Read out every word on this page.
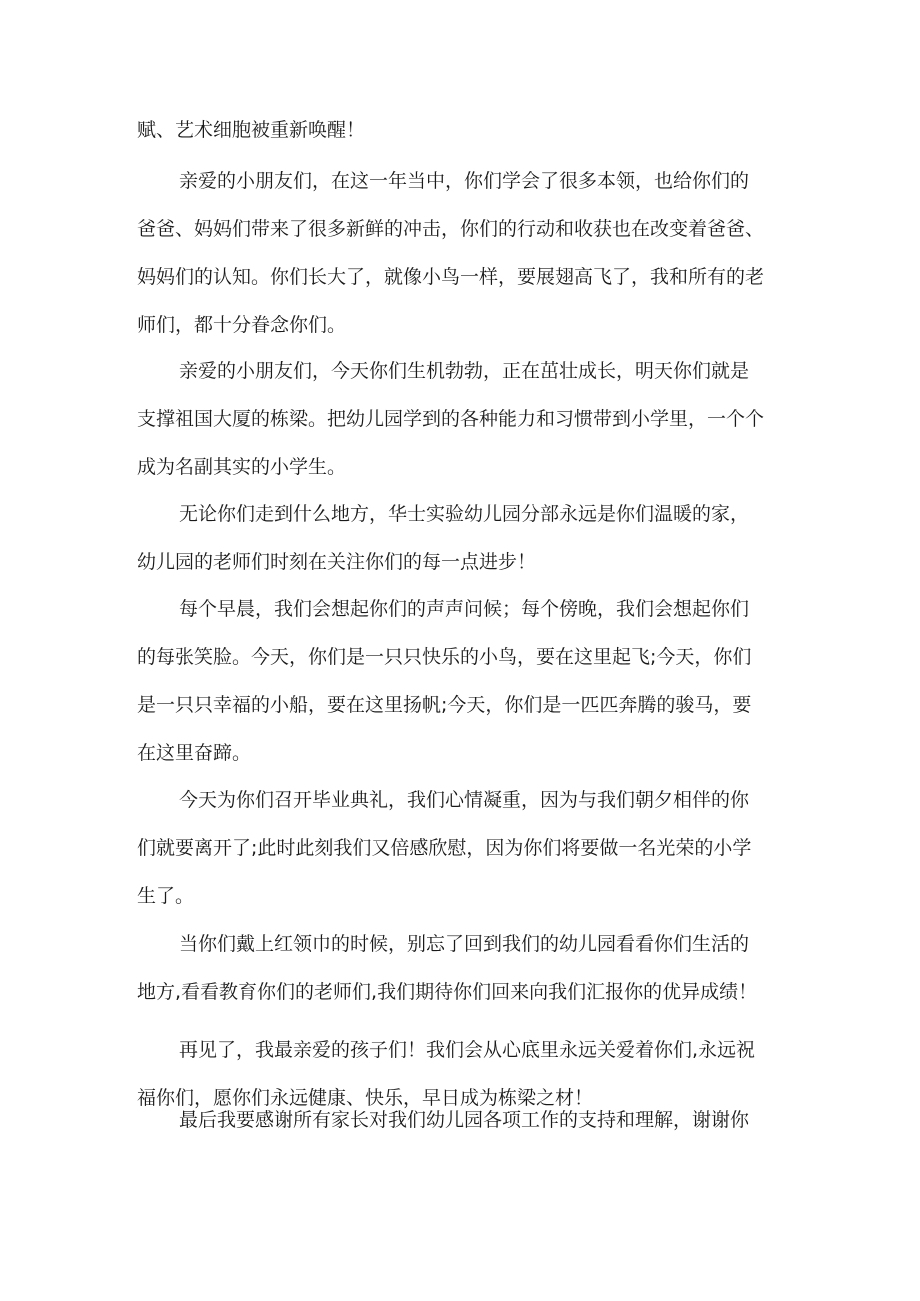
赋、艺术细胞被重新唤醒！
亲爱的小朋友们，在这一年当中，你们学会了很多本领，也给你们的
爸爸、妈妈们带来了很多新鲜的冲击，你们的行动和收获也在改变着爸爸、
妈妈们的认知。你们长大了，就像小鸟一样，要展翅高飞了，我和所有的老
师们，都十分眷念你们。
亲爱的小朋友们，今天你们生机勃勃，正在茁壮成长，明天你们就是
支撑祖国大厦的栋梁。把幼儿园学到的各种能力和习惯带到小学里，一个个
成为名副其实的小学生。
无论你们走到什么地方，华士实验幼儿园分部永远是你们温暖的家，
幼儿园的老师们时刻在关注你们的每一点进步！
每个早晨，我们会想起你们的声声问候；每个傍晚，我们会想起你们
的每张笑脸。今天，你们是一只只快乐的小鸟，要在这里起飞;今天，你们
是一只只幸福的小船，要在这里扬帆;今天，你们是一匹匹奔腾的骏马，要
在这里奋蹄。
今天为你们召开毕业典礼，我们心情凝重，因为与我们朝夕相伴的你
们就要离开了;此时此刻我们又倍感欣慰，因为你们将要做一名光荣的小学
生了。
当你们戴上红领巾的时候，别忘了回到我们的幼儿园看看你们生活的
地方,看看教育你们的老师们,我们期待你们回来向我们汇报你的优异成绩！
再见了，我最亲爱的孩子们！我们会从心底里永远关爱着你们,永远祝
福你们，愿你们永远健康、快乐，早日成为栋梁之材！
最后我要感谢所有家长对我们幼儿园各项工作的支持和理解，谢谢你
